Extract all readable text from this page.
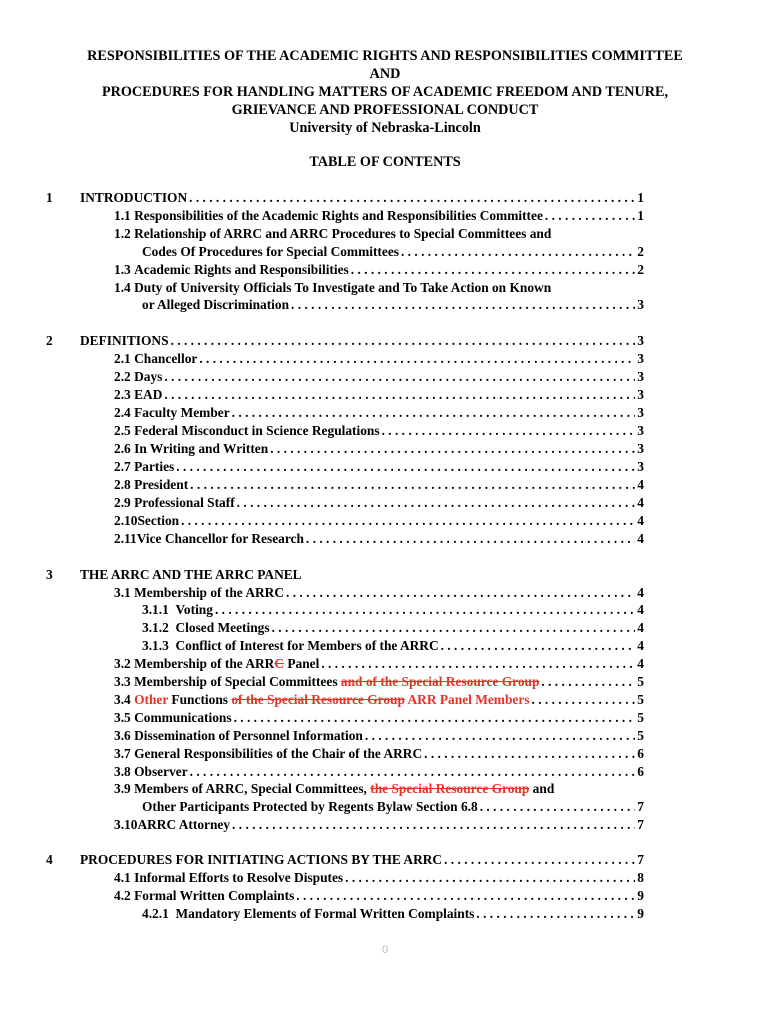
RESPONSIBILITIES OF THE ACADEMIC RIGHTS AND RESPONSIBILITIES COMMITTEE
AND
PROCEDURES FOR HANDLING MATTERS OF ACADEMIC FREEDOM AND TENURE,
GRIEVANCE AND PROFESSIONAL CONDUCT
University of Nebraska-Lincoln
TABLE OF CONTENTS
1 INTRODUCTION . . .	1
1.1 Responsibilities of the Academic Rights and Responsibilities Committee . . .	1
1.2 Relationship of ARRC and ARRC Procedures to Special Committees and
Codes Of Procedures for Special Committees . . .	2
1.3 Academic Rights and Responsibilities . . .	2
1.4 Duty of University Officials To Investigate and To Take Action on Known
or Alleged Discrimination . . .	3
2 DEFINITIONS . . .	3
2.1 Chancellor . . .	3
2.2 Days . . .	3
2.3 EAD . . .	3
2.4 Faculty Member . . .	3
2.5 Federal Misconduct in Science Regulations . . .	3
2.6 In Writing and Written . . .	3
2.7 Parties . . .	3
2.8 President . . .	4
2.9 Professional Staff . . .	4
2.10Section . . .	4
2.11Vice Chancellor for Research . . .	4
3 THE ARRC AND THE ARRC PANEL
3.1 Membership of the ARRC . . .	4
3.1.1 Voting . . .	4
3.1.2 Closed Meetings . . .	4
3.1.3 Conflict of Interest for Members of the ARRC . . .	4
3.2 Membership of the ARRC Panel . . .	4
3.3 Membership of Special Committees and of the Special Resource Group . . .	5
3.4 Other Functions of the Special Resource Group ARR Panel Members . . .	5
3.5 Communications . . .	5
3.6 Dissemination of Personnel Information . . .	5
3.7 General Responsibilities of the Chair of the ARRC . . .	6
3.8 Observer . . .	6
3.9 Members of ARRC, Special Committees, the Special Resource Group and
Other Participants Protected by Regents Bylaw Section 6.8 . . .	7
3.10ARRC Attorney . . .	7
4 PROCEDURES FOR INITIATING ACTIONS BY THE ARRC . . .	7
4.1 Informal Efforts to Resolve Disputes . . .	8
4.2 Formal Written Complaints . . .	9
4.2.1 Mandatory Elements of Formal Written Complaints . . .	9
0
